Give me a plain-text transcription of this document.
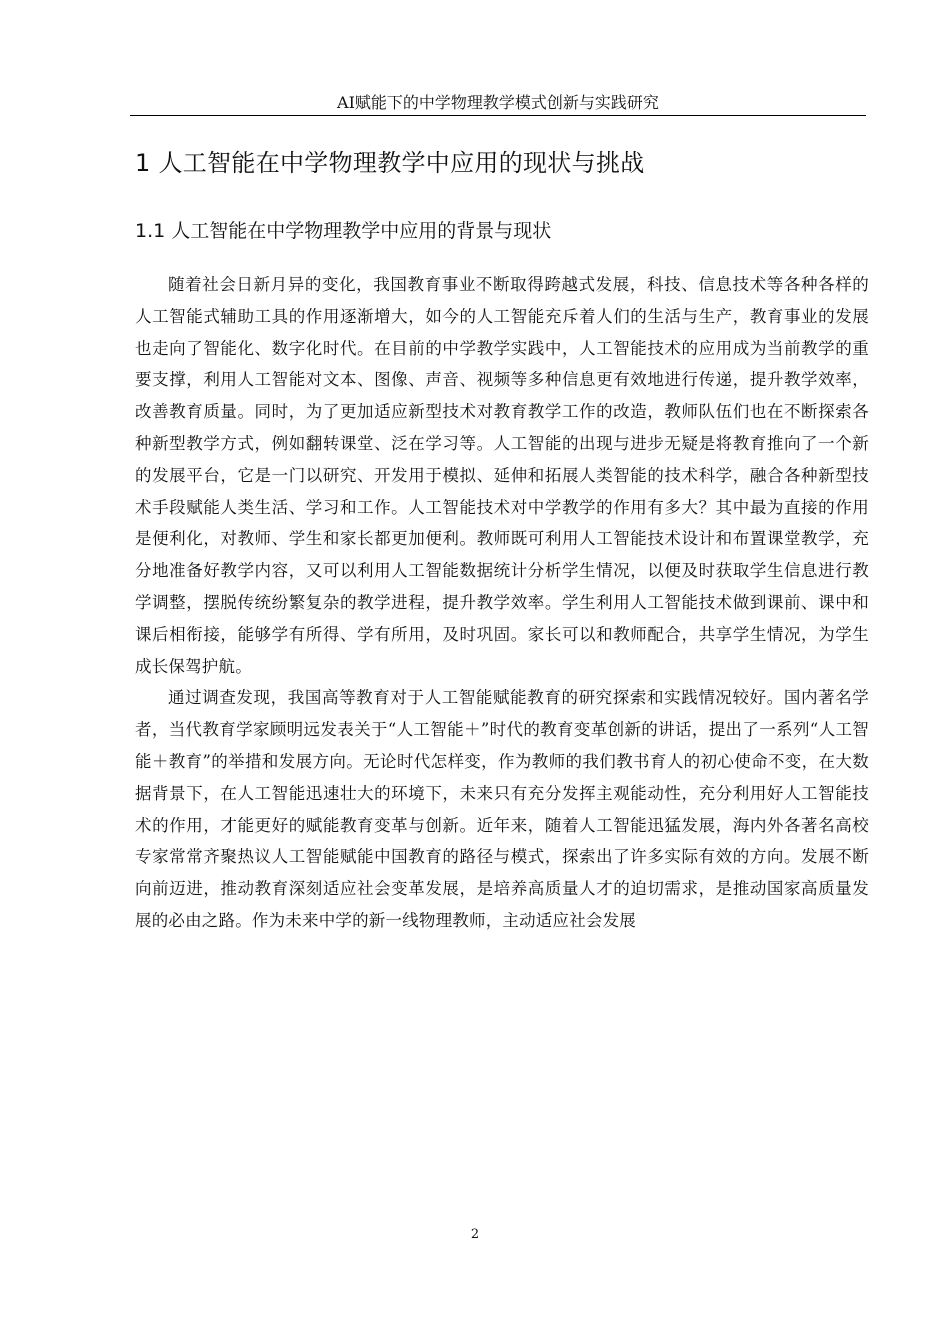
AI赋能下的中学物理教学模式创新与实践研究
1 人工智能在中学物理教学中应用的现状与挑战
1.1 人工智能在中学物理教学中应用的背景与现状

随着社会日新月异的变化，我国教育事业不断取得跨越式发展，科技、信息技术等各种各样的人工智能式辅助工具的作用逐渐增大，如今的人工智能充斥着人们的生活与生产，教育事业的发展也走向了智能化、数字化时代。在目前的中学教学实践中，人工智能技术的应用成为当前教学的重要支撑，利用人工智能对文本、图像、声音、视频等多种信息更有效地进行传递，提升教学效率，改善教育质量。同时，为了更加适应新型技术对教育教学工作的改造，教师队伍们也在不断探索各种新型教学方式，例如翻转课堂、泛在学习等。人工智能的出现与进步无疑是将教育推向了一个新的发展平台，它是一门以研究、开发用于模拟、延伸和拓展人类智能的技术科学，融合各种新型技术手段赋能人类生活、学习和工作。人工智能技术对中学教学的作用有多大？其中最为直接的作用是便利化，对教师、学生和家长都更加便利。教师既可利用人工智能技术设计和布置课堂教学，充分地准备好教学内容，又可以利用人工智能数据统计分析学生情况，以便及时获取学生信息进行教学调整，摆脱传统纷繁复杂的教学进程，提升教学效率。学生利用人工智能技术做到课前、课中和课后相衔接，能够学有所得、学有所用，及时巩固。家长可以和教师配合，共享学生情况，为学生成长保驾护航。

通过调查发现，我国高等教育对于人工智能赋能教育的研究探索和实践情况较好。国内著名学者，当代教育学家顾明远发表关于“人工智能＋”时代的教育变革创新的讲话，提出了一系列“人工智能＋教育”的举措和发展方向。无论时代怎样变，作为教师的我们教书育人的初心使命不变，在大数据背景下，在人工智能迅速壮大的环境下，未来只有充分发挥主观能动性，充分利用好人工智能技术的作用，才能更好的赋能教育变革与创新。近年来，随着人工智能迅猛发展，海内外各著名高校专家常常齐聚热议人工智能赋能中国教育的路径与模式，探索出了许多实际有效的方向。发展不断向前迈进，推动教育深刻适应社会变革发展，是培养高质量人才的迫切需求，是推动国家高质量发展的必由之路。作为未来中学的新一线物理教师，主动适应社会发展

2
